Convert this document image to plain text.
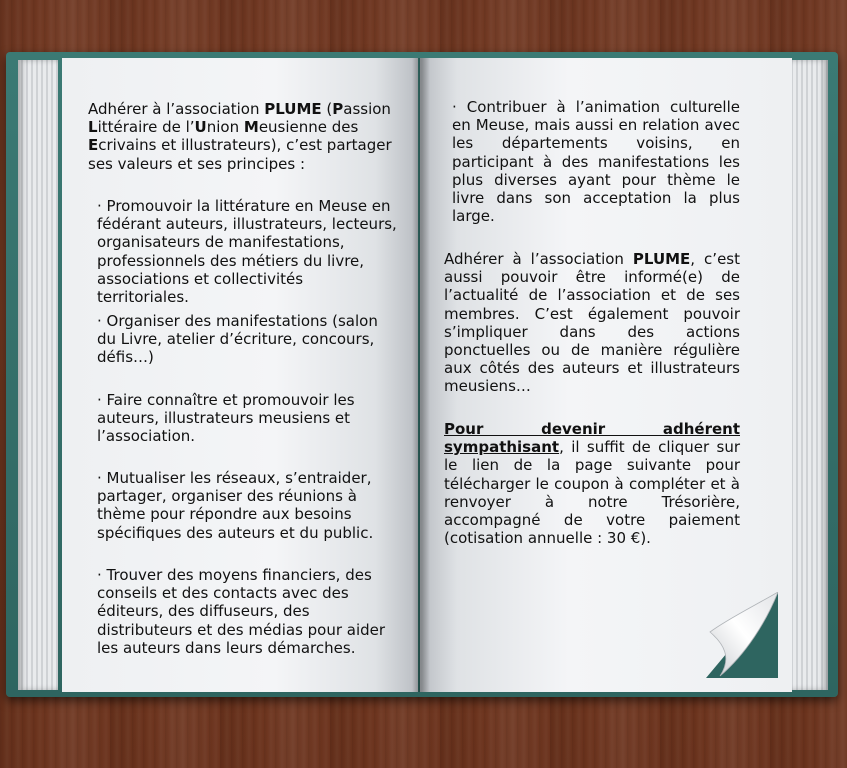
Adhérer à l’association PLUME (Passion Littéraire de l’Union Meusienne des Ecrivains et illustrateurs), c’est partager ses valeurs et ses principes :

· Promouvoir la littérature en Meuse en fédérant auteurs, illustrateurs, lecteurs, organisateurs de manifestations, professionnels des métiers du livre, associations et collectivités territoriales.

· Organiser des manifestations (salon du Livre, atelier d’écriture, concours, défis…)

· Faire connaître et promouvoir les auteurs, illustrateurs meusiens et l’association.

· Mutualiser les réseaux, s’entraider, partager, organiser des réunions à thème pour répondre aux besoins spécifiques des auteurs et du public.

· Trouver des moyens financiers, des conseils et des contacts avec des éditeurs, des diffuseurs, des distributeurs et des médias pour aider les auteurs dans leurs démarches.

· Contribuer à l’animation culturelle en Meuse, mais aussi en relation avec les départements voisins, en participant à des manifestations les plus diverses ayant pour thème le livre dans son acceptation la plus large.

Adhérer à l’association PLUME, c’est aussi pouvoir être informé(e) de l’actualité de l’association et de ses membres. C’est également pouvoir s’impliquer dans des actions ponctuelles ou de manière régulière aux côtés des auteurs et illustrateurs meusiens…

Pour devenir adhérent sympathisant, il suffit de cliquer sur le lien de la page suivante pour télécharger le coupon à compléter et à renvoyer à notre Trésorière, accompagné de votre paiement (cotisation annuelle : 30 €).
